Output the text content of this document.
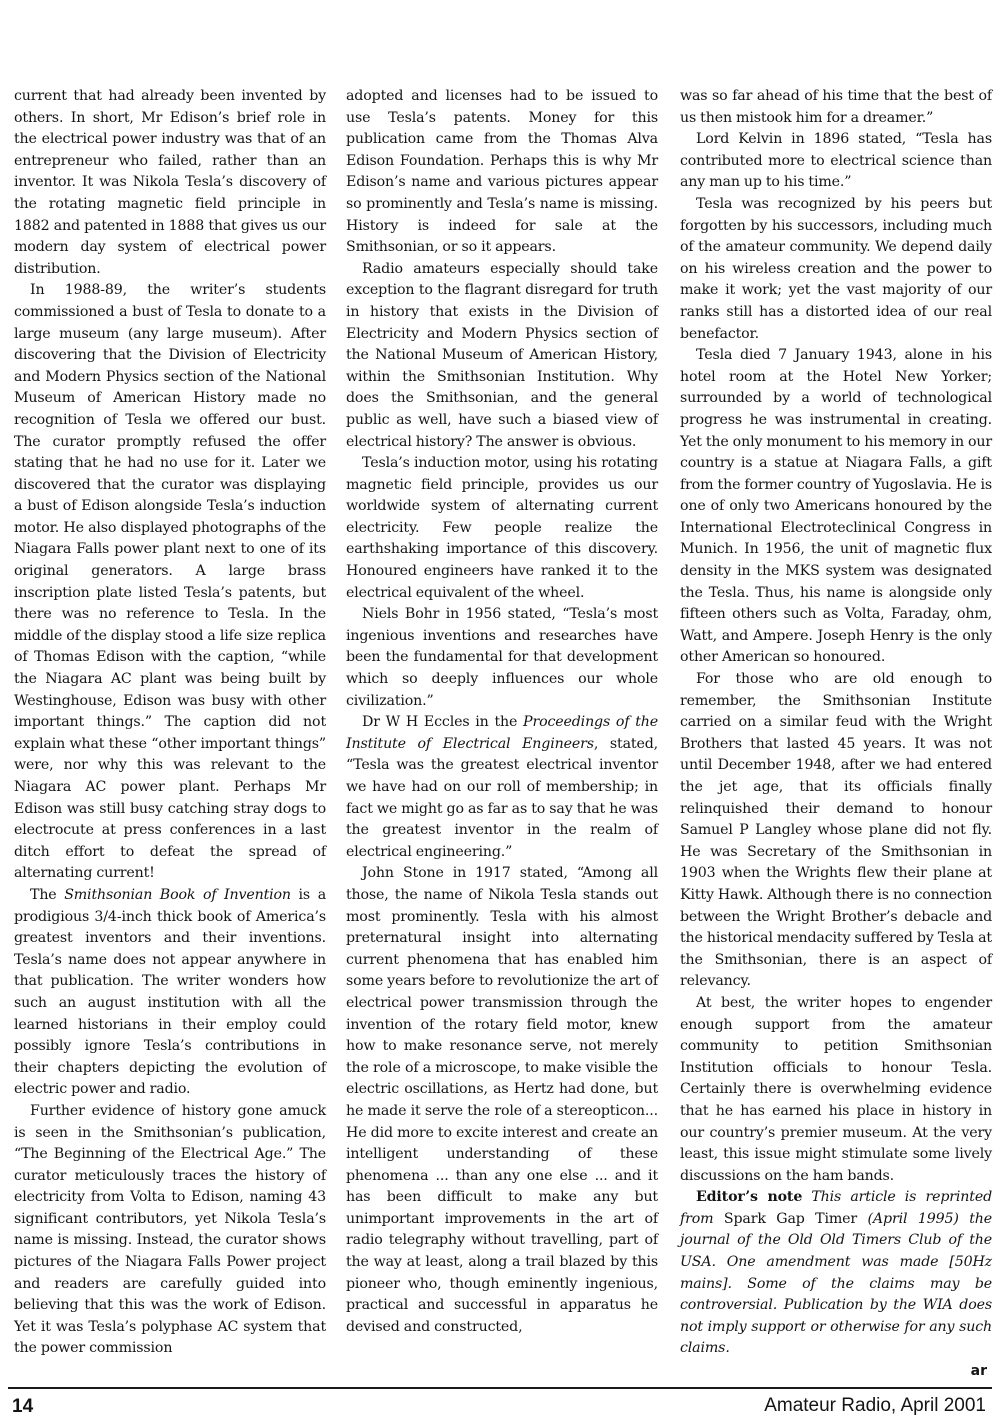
current that had already been invented by others. In short, Mr Edison’s brief role in the electrical power industry was that of an entrepreneur who failed, rather than an inventor. It was Nikola Tesla’s discovery of the rotating magnetic field principle in 1882 and patented in 1888 that gives us our modern day system of electrical power distribution.

In 1988-89, the writer’s students commissioned a bust of Tesla to donate to a large museum (any large museum). After discovering that the Division of Electricity and Modern Physics section of the National Museum of American History made no recognition of Tesla we offered our bust. The curator promptly refused the offer stating that he had no use for it. Later we discovered that the curator was displaying a bust of Edison alongside Tesla’s induction motor. He also displayed photographs of the Niagara Falls power plant next to one of its original generators. A large brass inscription plate listed Tesla’s patents, but there was no reference to Tesla. In the middle of the display stood a life size replica of Thomas Edison with the caption, “while the Niagara AC plant was being built by Westinghouse, Edison was busy with other important things.” The caption did not explain what these “other important things” were, nor why this was relevant to the Niagara AC power plant. Perhaps Mr Edison was still busy catching stray dogs to electrocute at press conferences in a last ditch effort to defeat the spread of alternating current!

The Smithsonian Book of Invention is a prodigious 3/4-inch thick book of America’s greatest inventors and their inventions. Tesla’s name does not appear anywhere in that publication. The writer wonders how such an august institution with all the learned historians in their employ could possibly ignore Tesla’s contributions in their chapters depicting the evolution of electric power and radio.

Further evidence of history gone amuck is seen in the Smithsonian’s publication, “The Beginning of the Electrical Age.” The curator meticulously traces the history of electricity from Volta to Edison, naming 43 significant contributors, yet Nikola Tesla’s name is missing. Instead, the curator shows pictures of the Niagara Falls Power project and readers are carefully guided into believing that this was the work of Edison. Yet it was Tesla’s polyphase AC system that the power commission

adopted and licenses had to be issued to use Tesla’s patents. Money for this publication came from the Thomas Alva Edison Foundation. Perhaps this is why Mr Edison’s name and various pictures appear so prominently and Tesla’s name is missing. History is indeed for sale at the Smithsonian, or so it appears.

Radio amateurs especially should take exception to the flagrant disregard for truth in history that exists in the Division of Electricity and Modern Physics section of the National Museum of American History, within the Smithsonian Institution. Why does the Smithsonian, and the general public as well, have such a biased view of electrical history? The answer is obvious.

Tesla’s induction motor, using his rotating magnetic field principle, provides us our worldwide system of alternating current electricity. Few people realize the earthshaking importance of this discovery. Honoured engineers have ranked it to the electrical equivalent of the wheel.

Niels Bohr in 1956 stated, “Tesla’s most ingenious inventions and researches have been the fundamental for that development which so deeply influences our whole civilization.”

Dr W H Eccles in the Proceedings of the Institute of Electrical Engineers, stated, “Tesla was the greatest electrical inventor we have had on our roll of membership; in fact we might go as far as to say that he was the greatest inventor in the realm of electrical engineering.”

John Stone in 1917 stated, “Among all those, the name of Nikola Tesla stands out most prominently. Tesla with his almost preternatural insight into alternating current phenomena that has enabled him some years before to revolutionize the art of electrical power transmission through the invention of the rotary field motor, knew how to make resonance serve, not merely the role of a microscope, to make visible the electric oscillations, as Hertz had done, but he made it serve the role of a stereopticon... He did more to excite interest and create an intelligent understanding of these phenomena ... than any one else ... and it has been difficult to make any but unimportant improvements in the art of radio telegraphy without travelling, part of the way at least, along a trail blazed by this pioneer who, though eminently ingenious, practical and successful in apparatus he devised and constructed,

was so far ahead of his time that the best of us then mistook him for a dreamer.”

Lord Kelvin in 1896 stated, “Tesla has contributed more to electrical science than any man up to his time.”

Tesla was recognized by his peers but forgotten by his successors, including much of the amateur community. We depend daily on his wireless creation and the power to make it work; yet the vast majority of our ranks still has a distorted idea of our real benefactor.

Tesla died 7 January 1943, alone in his hotel room at the Hotel New Yorker; surrounded by a world of technological progress he was instrumental in creating. Yet the only monument to his memory in our country is a statue at Niagara Falls, a gift from the former country of Yugoslavia. He is one of only two Americans honoured by the International Electroteclinical Congress in Munich. In 1956, the unit of magnetic flux density in the MKS system was designated the Tesla. Thus, his name is alongside only fifteen others such as Volta, Faraday, ohm, Watt, and Ampere. Joseph Henry is the only other American so honoured.

For those who are old enough to remember, the Smithsonian Institute carried on a similar feud with the Wright Brothers that lasted 45 years. It was not until December 1948, after we had entered the jet age, that its officials finally relinquished their demand to honour Samuel P Langley whose plane did not fly. He was Secretary of the Smithsonian in 1903 when the Wrights flew their plane at Kitty Hawk. Although there is no connection between the Wright Brother’s debacle and the historical mendacity suffered by Tesla at the Smithsonian, there is an aspect of relevancy.

At best, the writer hopes to engender enough support from the amateur community to petition Smithsonian Institution officials to honour Tesla. Certainly there is overwhelming evidence that he has earned his place in history in our country’s premier museum. At the very least, this issue might stimulate some lively discussions on the ham bands.

Editor’s note This article is reprinted from Spark Gap Timer (April 1995) the journal of the Old Old Timers Club of the USA. One amendment was made [50Hz mains]. Some of the claims may be controversial. Publication by the WIA does not imply support or otherwise for any such claims.

ar
14	Amateur Radio, April 2001
